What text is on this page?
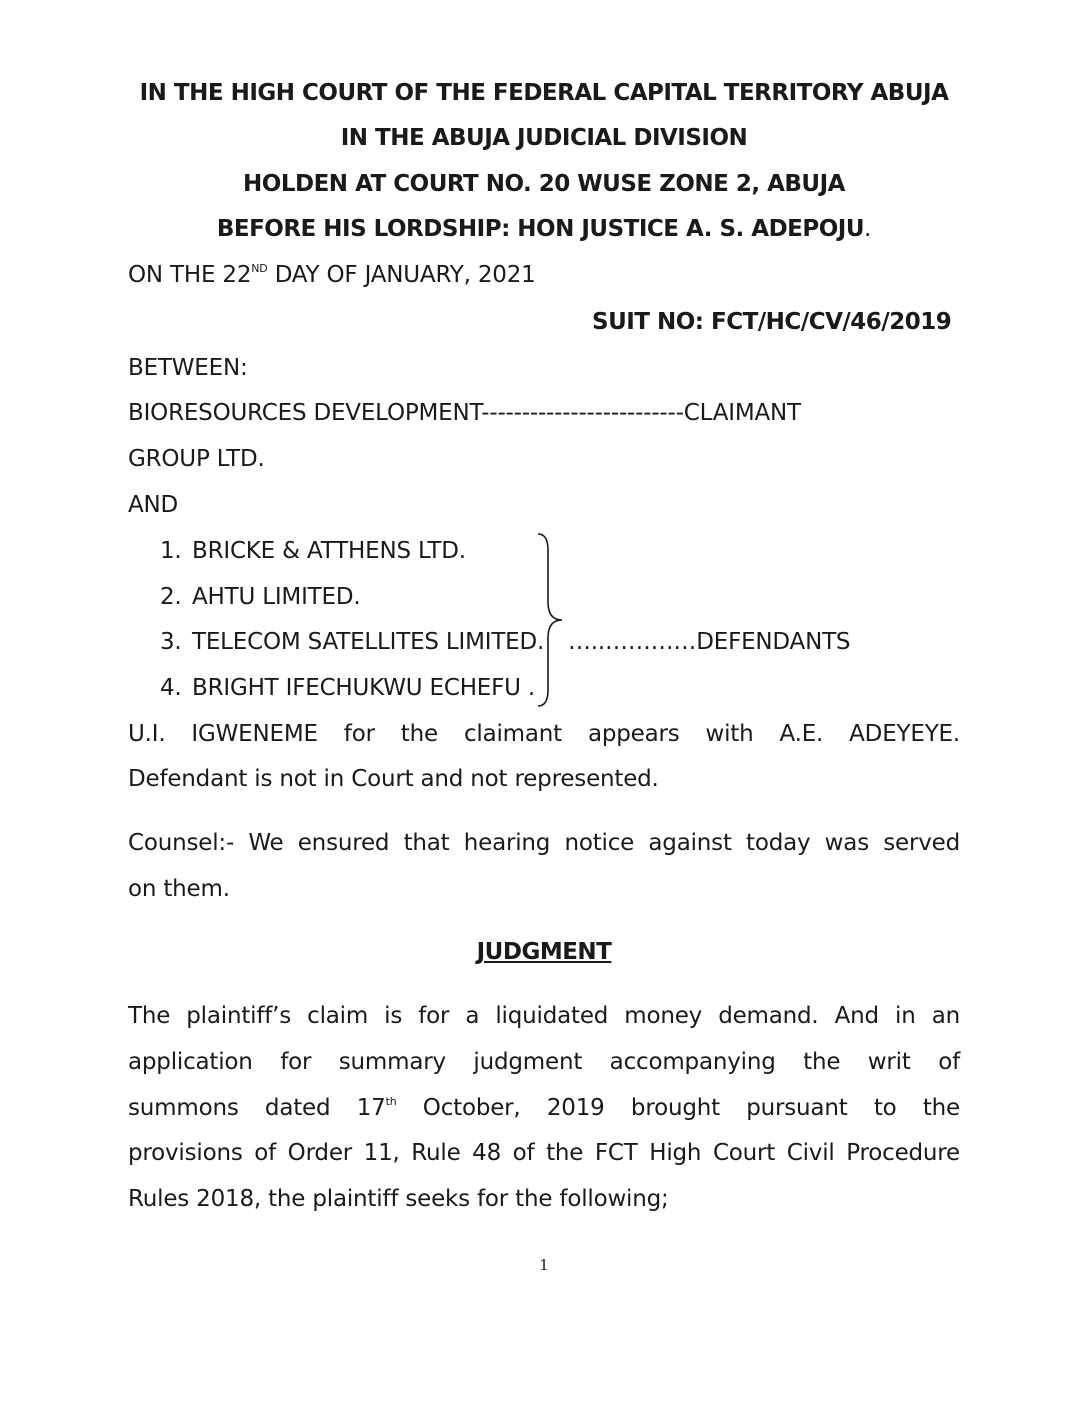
IN THE HIGH COURT OF THE FEDERAL CAPITAL TERRITORY ABUJA
IN THE ABUJA JUDICIAL DIVISION
HOLDEN AT COURT NO. 20 WUSE ZONE 2, ABUJA
BEFORE HIS LORDSHIP: HON JUSTICE A. S. ADEPOJU.
ON THE 22ND DAY OF JANUARY, 2021
SUIT NO: FCT/HC/CV/46/2019
BETWEEN:
BIORESOURCES DEVELOPMENT-------------------------CLAIMANT
GROUP LTD.
AND
1. BRICKE & ATTHENS LTD.
2. AHTU LIMITED.
3. TELECOM SATELLITES LIMITED.
4. BRIGHT IFECHUKWU ECHEFU .
…..…………DEFENDANTS
U.I. IGWENEME for the claimant appears with A.E. ADEYEYE.
Defendant is not in Court and not represented.
Counsel:- We ensured that hearing notice against today was served
on them.
JUDGMENT
The plaintiff’s claim is for a liquidated money demand. And in an
application for summary judgment accompanying the writ of
summons dated 17th October, 2019 brought pursuant to the
provisions of Order 11, Rule 48 of the FCT High Court Civil Procedure
Rules 2018, the plaintiff seeks for the following;
1
